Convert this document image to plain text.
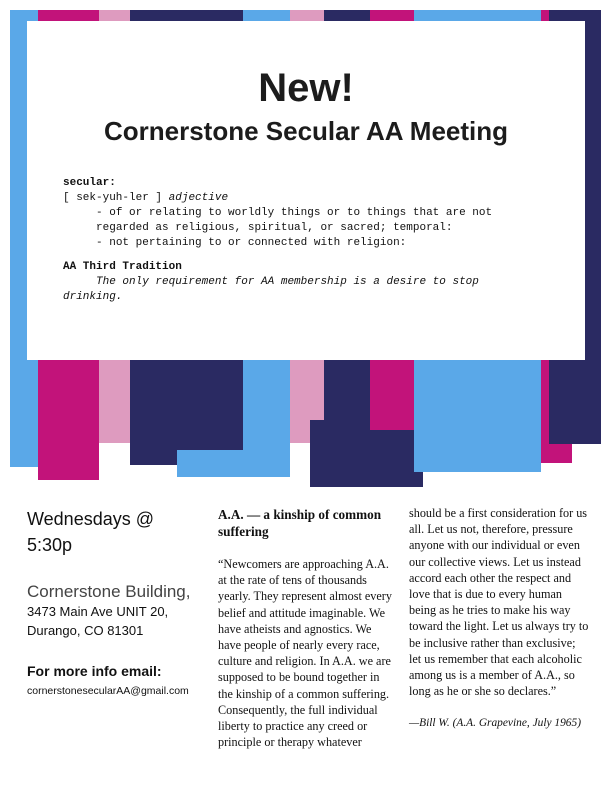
New!
Cornerstone Secular AA Meeting
secular:
[ sek-yuh-ler ] adjective
- of or relating to worldly things or to things that are not
regarded as religious, spiritual, or sacred; temporal:
- not pertaining to or connected with religion:
AA Third Tradition
The only requirement for AA membership is a desire to stop
drinking.

Wednesdays @
5:30p

Cornerstone Building,

3473 Main Ave UNIT 20,

Durango, CO 81301

For more info email:

cornerstonesecularAA@gmail.com

A.A. — a kinship of common suffering

“Newcomers are approaching A.A. at the rate of tens of thousands yearly. They represent almost every belief and attitude imaginable. We have atheists and agnostics. We have people of nearly every race, culture and religion. In A.A. we are supposed to be bound together in the kinship of a common suffering. Consequently, the full individual liberty to practice any creed or principle or therapy whatever

should be a first consideration for us all. Let us not, therefore, pressure anyone with our individual or even our collective views. Let us instead accord each other the respect and love that is due to every human being as he tries to make his way toward the light. Let us always try to be inclusive rather than exclusive; let us remember that each alcoholic among us is a member of A.A., so long as he or she so declares.”

—Bill W. (A.A. Grapevine, July 1965)
